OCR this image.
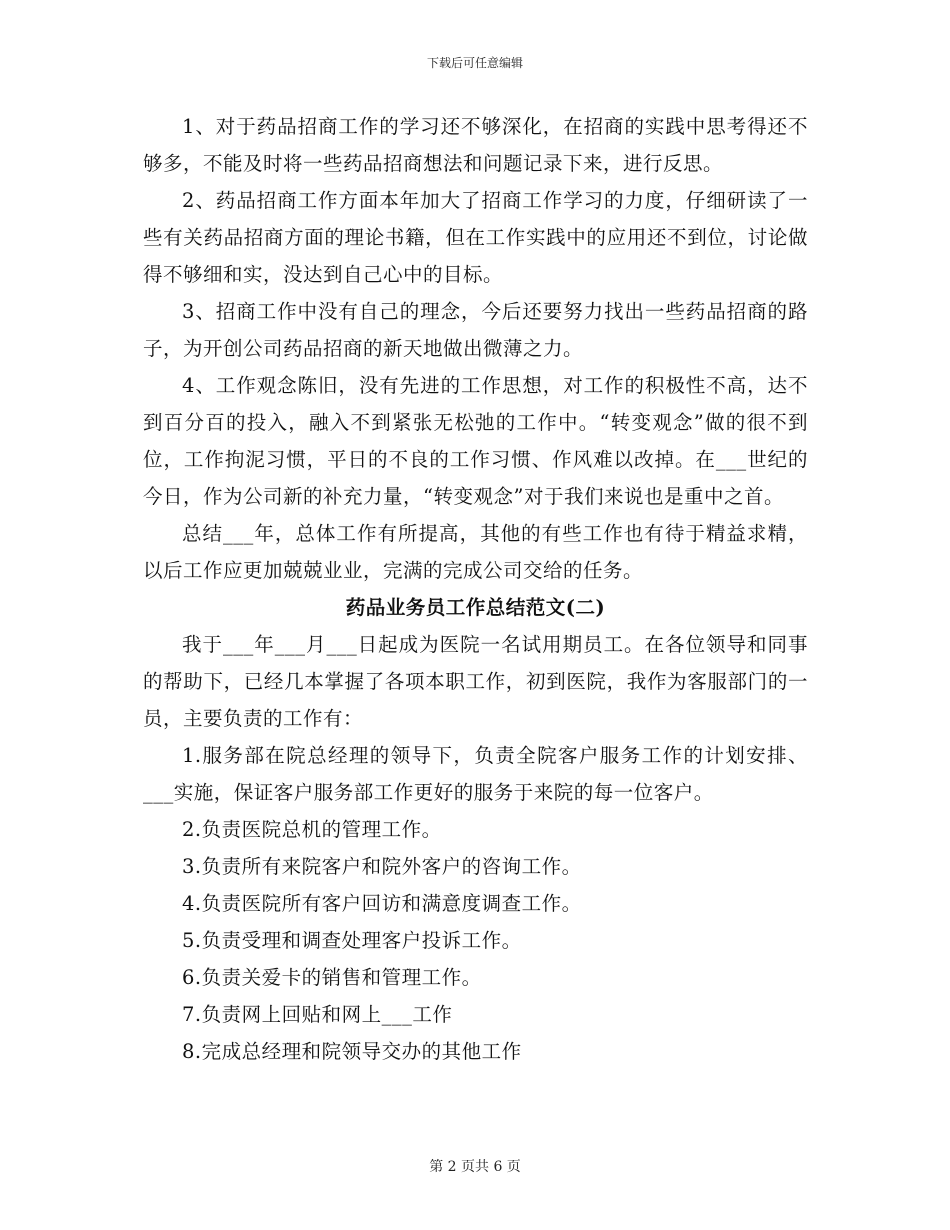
下载后可任意编辑

1、对于药品招商工作的学习还不够深化，在招商的实践中思考得还不够多，不能及时将一些药品招商想法和问题记录下来，进行反思。

2、药品招商工作方面本年加大了招商工作学习的力度，仔细研读了一些有关药品招商方面的理论书籍，但在工作实践中的应用还不到位，讨论做得不够细和实，没达到自己心中的目标。

3、招商工作中没有自己的理念，今后还要努力找出一些药品招商的路子，为开创公司药品招商的新天地做出微薄之力。

4、工作观念陈旧，没有先进的工作思想，对工作的积极性不高，达不到百分百的投入，融入不到紧张无松弛的工作中。“转变观念”做的很不到位，工作拘泥习惯，平日的不良的工作习惯、作风难以改掉。在___世纪的今日，作为公司新的补充力量，“转变观念”对于我们来说也是重中之首。

总结___年，总体工作有所提高，其他的有些工作也有待于精益求精，以后工作应更加兢兢业业，完满的完成公司交给的任务。

药品业务员工作总结范文(二)

我于___年___月___日起成为医院一名试用期员工。在各位领导和同事的帮助下，已经几本掌握了各项本职工作，初到医院，我作为客服部门的一员，主要负责的工作有：

1.服务部在院总经理的领导下，负责全院客户服务工作的计划安排、___实施，保证客户服务部工作更好的服务于来院的每一位客户。

2.负责医院总机的管理工作。

3.负责所有来院客户和院外客户的咨询工作。

4.负责医院所有客户回访和满意度调查工作。

5.负责受理和调查处理客户投诉工作。

6.负责关爱卡的销售和管理工作。

7.负责网上回贴和网上___工作

8.完成总经理和院领导交办的其他工作

第 2 页共 6 页
